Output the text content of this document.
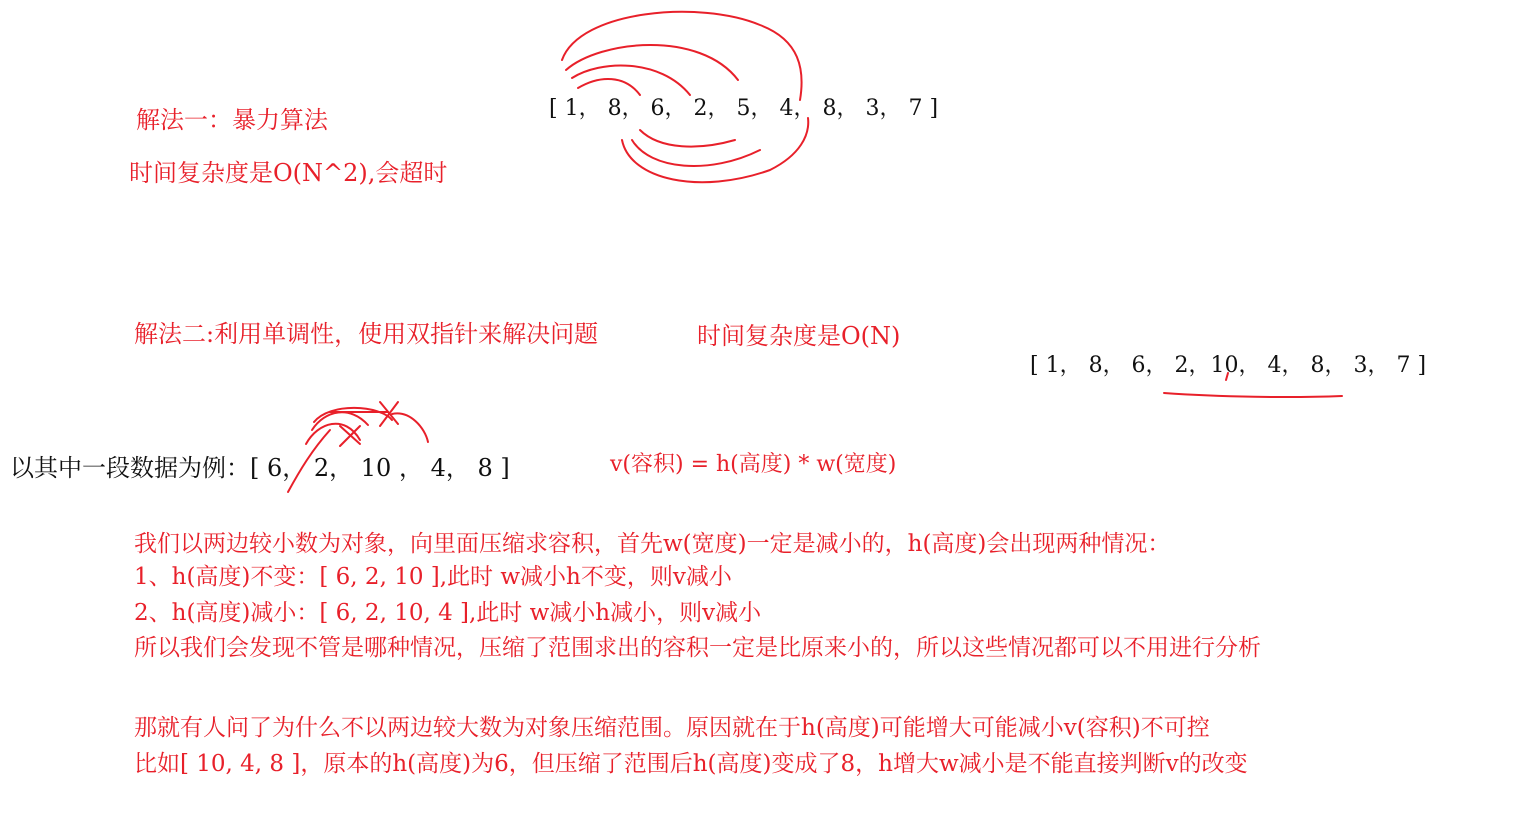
解法一：暴力算法
时间复杂度是O(N^2),会超时
[ 1， 8， 6， 2， 5， 4， 8， 3， 7 ]
解法二:利用单调性，使用双指针来解决问题	时间复杂度是O(N)
[ 1， 8， 6， 2，10， 4， 8， 3， 7 ]
以其中一段数据为例：[ 6， 2， 10 ， 4， 8 ]	v(容积) = h(高度) * w(宽度)
我们以两边较小数为对象，向里面压缩求容积，首先w(宽度)一定是减小的，h(高度)会出现两种情况：
1、h(高度)不变：[ 6, 2, 10 ],此时 w减小h不变，则v减小
2、h(高度)减小：[ 6, 2, 10, 4 ],此时 w减小h减小，则v减小
所以我们会发现不管是哪种情况，压缩了范围求出的容积一定是比原来小的，所以这些情况都可以不用进行分析
那就有人问了为什么不以两边较大数为对象压缩范围。原因就在于h(高度)可能增大可能减小v(容积)不可控
比如[ 10, 4, 8 ]，原本的h(高度)为6，但压缩了范围后h(高度)变成了8，h增大w减小是不能直接判断v的改变
